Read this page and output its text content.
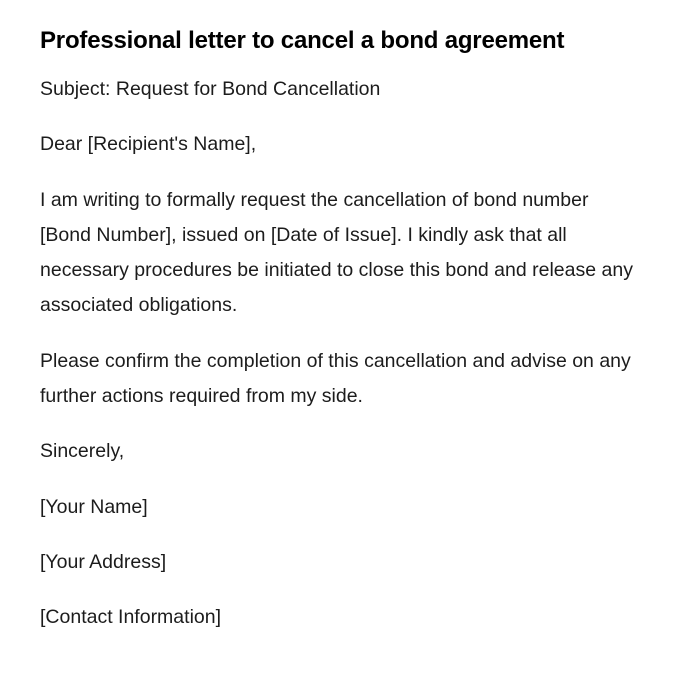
Professional letter to cancel a bond agreement

Subject: Request for Bond Cancellation

Dear [Recipient's Name],

I am writing to formally request the cancellation of bond number [Bond Number], issued on [Date of Issue]. I kindly ask that all necessary procedures be initiated to close this bond and release any associated obligations.

Please confirm the completion of this cancellation and advise on any further actions required from my side.

Sincerely,

[Your Name]

[Your Address]

[Contact Information]
